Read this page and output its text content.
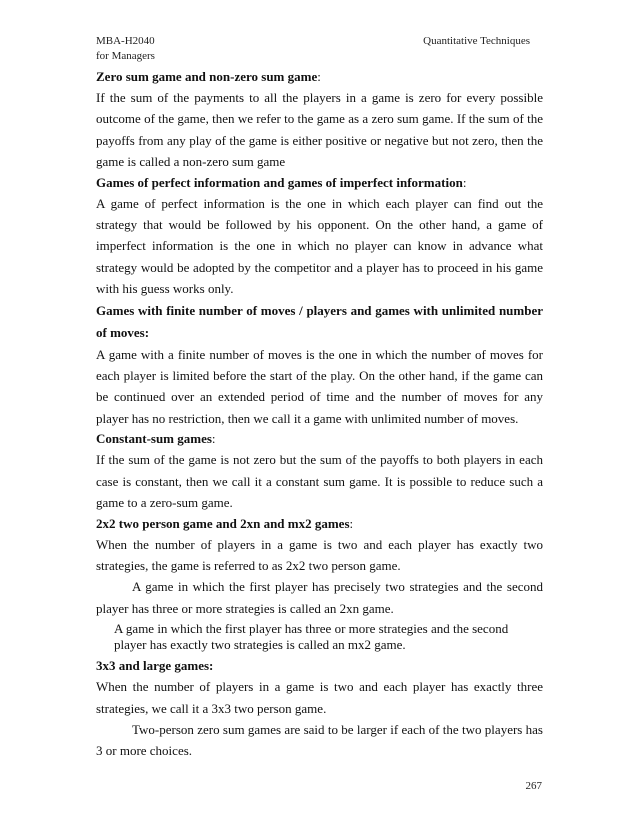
MBA-H2040
for Managers
Quantitative Techniques

Zero sum game and non-zero sum game:

If the sum of the payments to all the players in a game is zero for every possible outcome of the game, then we refer to the game as a zero sum game. If the sum of the payoffs from any play of the game is either positive or negative but not zero, then the game is called a non-zero sum game

Games of perfect information and games of imperfect information:

A game of perfect information is the one in which each player can find out the strategy that would be followed by his opponent. On the other hand, a game of imperfect information is the one in which no player can know in advance what strategy would be adopted by the competitor and a player has to proceed in his game with his guess works only.

Games with finite number of moves / players and games with unlimited number of moves:

A game with a finite number of moves is the one in which the number of moves for each player is limited before the start of the play. On the other hand, if the game can be continued over an extended period of time and the number of moves for any player has no restriction, then we call it a game with unlimited number of moves.

Constant-sum games:

If the sum of the game is not zero but the sum of the payoffs to both players in each case is constant, then we call it a constant sum game. It is possible to reduce such a game to a zero-sum game.

2x2 two person game and 2xn and mx2 games:

When the number of players in a game is two and each player has exactly two strategies, the game is referred to as 2x2 two person game.

A game in which the first player has precisely two strategies and the second player has three or more strategies is called an 2xn game.

A game in which the first player has three or more strategies and the second player has exactly two strategies is called an mx2 game.

3x3 and large games:

When the number of players in a game is two and each player has exactly three strategies, we call it a 3x3 two person game.

Two-person zero sum games are said to be larger if each of the two players has 3 or more choices.

267
